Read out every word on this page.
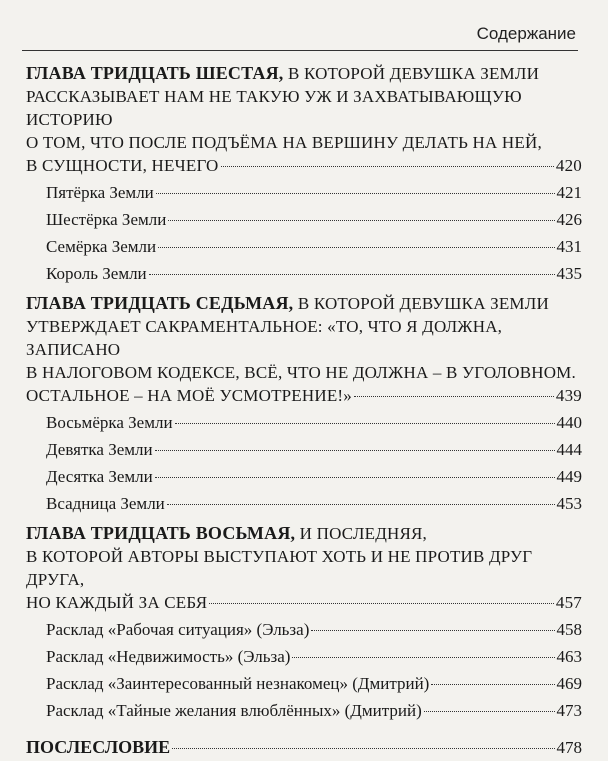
Содержание
ГЛАВА ТРИДЦАТЬ ШЕСТАЯ, В КОТОРОЙ ДЕВУШКА ЗЕМЛИ
РАССКАЗЫВАЕТ НАМ НЕ ТАКУЮ УЖ И ЗАХВАТЫВАЮЩУЮ ИСТОРИЮ
О ТОМ, ЧТО ПОСЛЕ ПОДЪЁМА НА ВЕРШИНУ ДЕЛАТЬ НА НЕЙ,
В СУЩНОСТИ, НЕЧЕГО	420
Пятёрка Земли	421
Шестёрка Земли	426
Семёрка Земли	431
Король Земли	435
ГЛАВА ТРИДЦАТЬ СЕДЬМАЯ, В КОТОРОЙ ДЕВУШКА ЗЕМЛИ
УТВЕРЖДАЕТ САКРАМЕНТАЛЬНОЕ: «ТО, ЧТО Я ДОЛЖНА, ЗАПИСАНО
В НАЛОГОВОМ КОДЕКСЕ, ВСЁ, ЧТО НЕ ДОЛЖНА – В УГОЛОВНОМ.
ОСТАЛЬНОЕ – НА МОЁ УСМОТРЕНИЕ!»	439
Восьмёрка Земли	440
Девятка Земли	444
Десятка Земли	449
Всадница Земли	453
ГЛАВА ТРИДЦАТЬ ВОСЬМАЯ, И ПОСЛЕДНЯЯ,
В КОТОРОЙ АВТОРЫ ВЫСТУПАЮТ ХОТЬ И НЕ ПРОТИВ ДРУГ ДРУГА,
НО КАЖДЫЙ ЗА СЕБЯ	457
Расклад «Рабочая ситуация» (Эльза)	458
Расклад «Недвижимость» (Эльза)	463
Расклад «Заинтересованный незнакомец» (Дмитрий)	469
Расклад «Тайные желания влюблённых» (Дмитрий)	473
ПОСЛЕСЛОВИЕ	478
